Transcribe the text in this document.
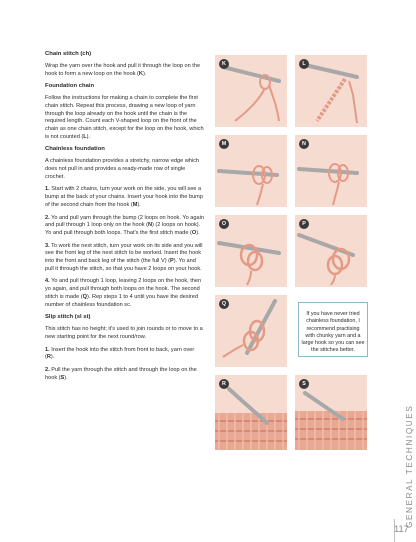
Chain stitch (ch)

Wrap the yarn over the hook and pull it through the loop on the hook to form a new loop on the hook (K).

Foundation chain

Follow the instructions for making a chain to complete the first chain stitch. Repeat this process, drawing a new loop of yarn through the loop already on the hook until the chain is the required length. Count each V-shaped loop on the front of the chain as one chain stitch, except for the loop on the hook, which is not counted (L).

Chainless foundation

A chainless foundation provides a stretchy, narrow edge which does not pull in and provides a ready-made row of single crochet.

1. Start with 2 chains, turn your work on the side, you will see a bump at the back of your chains. Insert your hook into the bump of the second chain from the hook (M).

2. Yo and pull yarn through the bump (2 loops on hook. Yo again and pull through 1 loop only on the hook (N) (2 loops on hook). Yo and pull through both loops. That's the first stitch made (O).

3. To work the next stitch, turn your work on its side and you will see the front leg of the next stitch to be worked. Insert the hook into the front and back leg of the stitch (the full V) (P). Yo and pull it through the stitch, so that you have 2 loops on your hook.

4. Yo and pull through 1 loop, leaving 2 loops on the hook, then yo again, and pull through both loops on the hook. The second stitch is made (Q). Rep steps 1 to 4 until you have the desired number of chainless foundation sc.

Slip stitch (sl st)

This stitch has no height; it's used to join rounds or to move to a new starting point for the next round/row.

1. Insert the hook into the stitch from front to back, yarn over (R).

2. Pull the yarn through the stitch and through the loop on the hook (S).

K	L
M	N
O	P
Q
If you have never tried chainless foundation, I recommend practising with chunky yarn and a large hook so you can see the stitches better.
R	S
GENERAL TECHNIQUES
117
